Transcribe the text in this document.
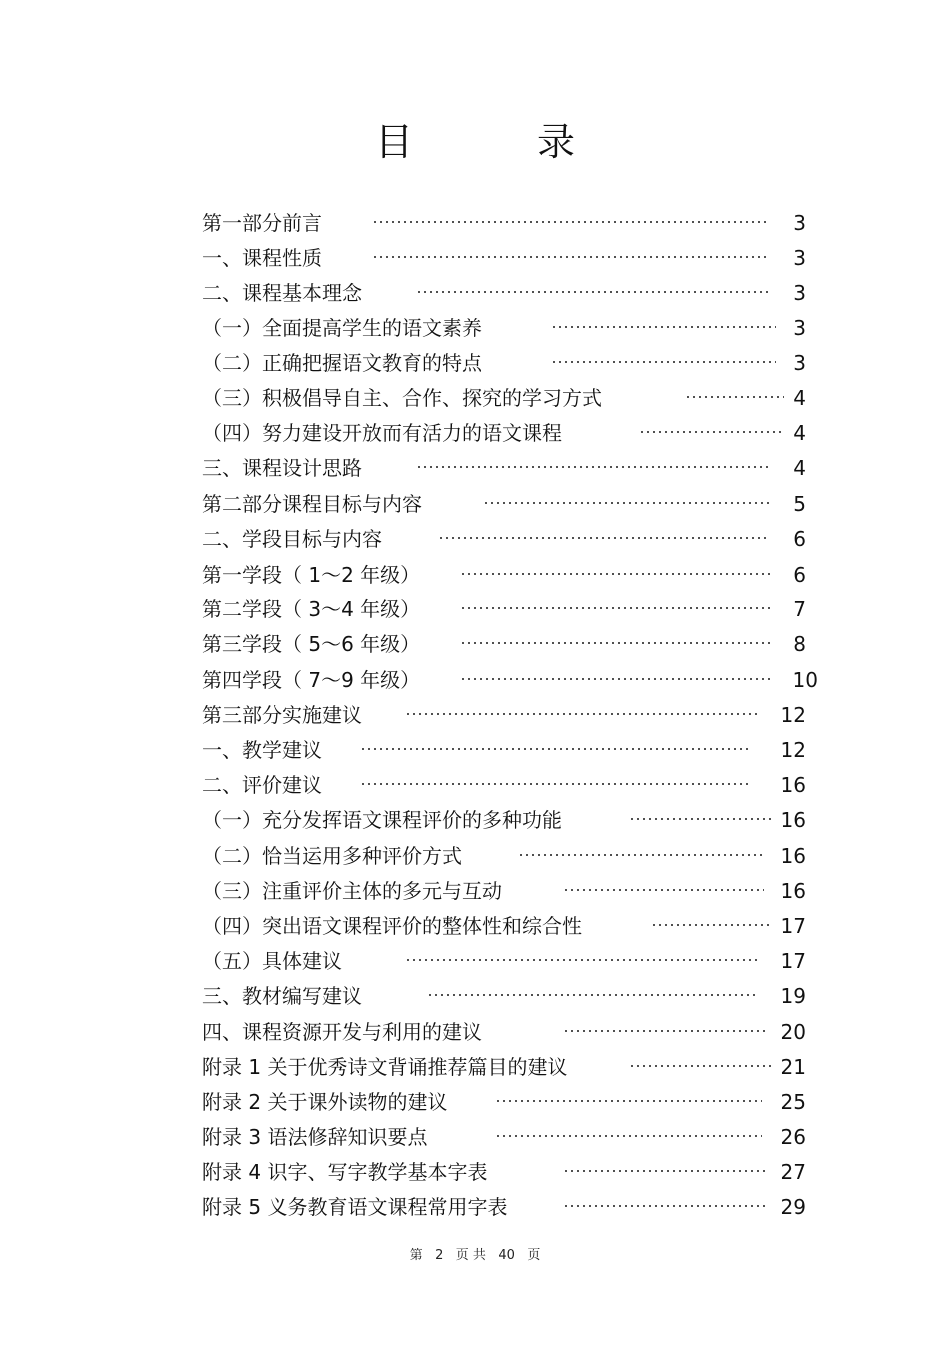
目 录
第一部分前言	3
一、课程性质	3
二、课程基本理念	3
（一）全面提高学生的语文素养	3
（二）正确把握语文教育的特点	3
（三）积极倡导自主、合作、探究的学习方式	4
（四）努力建设开放而有活力的语文课程	4
三、课程设计思路	4
第二部分课程目标与内容	5
二、学段目标与内容	6
第一学段（ 1～2 年级）	6
第二学段（ 3～4 年级）	7
第三学段（ 5～6 年级）	8
第四学段（ 7～9 年级）	10
第三部分实施建议	12
一、教学建议	12
二、评价建议	16
（一）充分发挥语文课程评价的多种功能	16
（二）恰当运用多种评价方式	16
（三）注重评价主体的多元与互动	16
（四）突出语文课程评价的整体性和综合性	17
（五）具体建议	17
三、教材编写建议	19
四、课程资源开发与利用的建议	20
附录 1 关于优秀诗文背诵推荐篇目的建议	21
附录 2 关于课外读物的建议	25
附录 3 语法修辞知识要点	26
附录 4 识字、写字教学基本字表	27
附录 5 义务教育语文课程常用字表	29
第 2 页 共 40 页
